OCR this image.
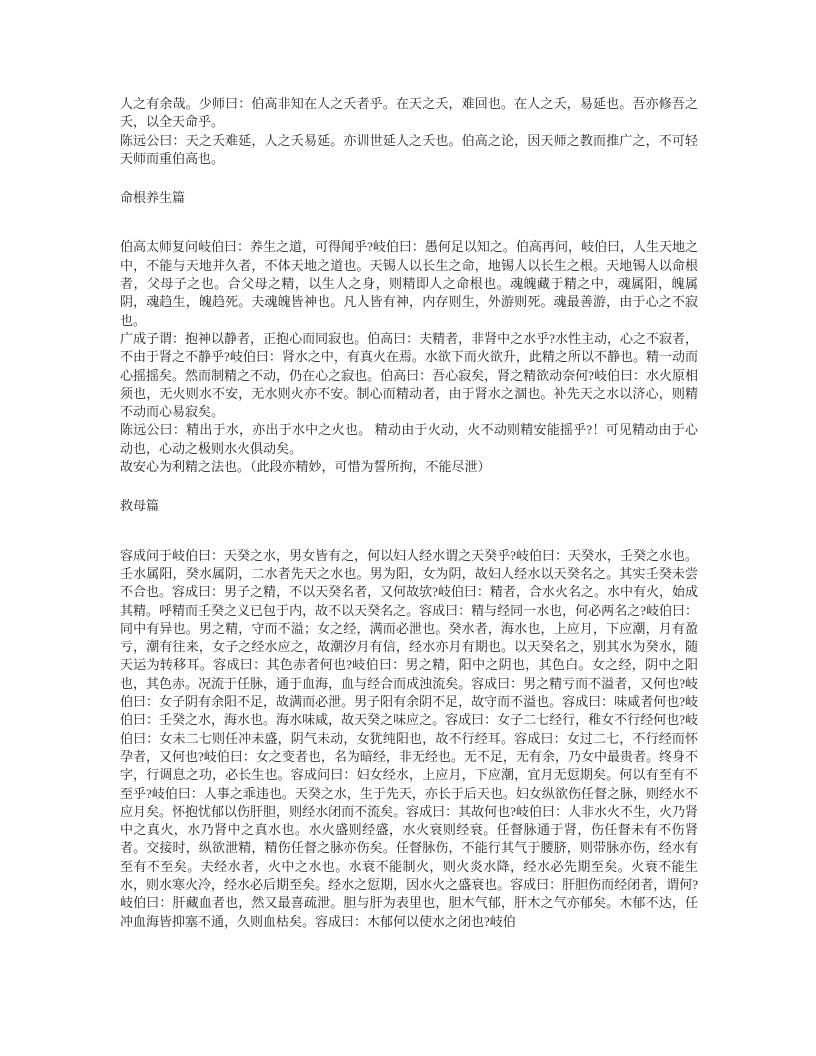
人之有余哉。少师曰：伯高非知在人之夭者乎。在天之夭，难回也。在人之夭，易延也。吾亦修吾之夭，以全天命乎。

陈远公曰：天之夭难延，人之夭易延。亦训世延人之夭也。伯高之论，因天师之教而推广之，不可轻天师而重伯高也。

命根养生篇

伯高太师复问岐伯曰：养生之道，可得闻乎?岐伯曰：愚何足以知之。伯高再问，岐伯曰，人生天地之中，不能与天地并久者，不体天地之道也。天锡人以长生之命，地锡人以长生之根。天地锡人以命根者，父母子之也。合父母之精，以生人之身，则精即人之命根也。魂魄藏于精之中，魂属阳，魄属阴，魂趋生，魄趋死。夫魂魄皆神也。凡人皆有神，内存则生，外游则死。魂最善游，由于心之不寂也。

广成子谓：抱神以静者，正抱心而同寂也。伯高曰：夫精者，非肾中之水乎?水性主动，心之不寂者，不由于肾之不静乎?岐伯曰：肾水之中，有真火在焉。水欲下而火欲升，此精之所以不静也。精一动而心摇摇矣。然而制精之不动，仍在心之寂也。伯高曰：吾心寂矣，肾之精欲动奈何?岐伯曰：水火原相须也，无火则水不安，无水则火亦不安。制心而精动者，由于肾水之涸也。补先天之水以济心，则精不动而心易寂矣。

陈远公曰：精出于水，亦出于水中之火也。 精动由于火动，火不动则精安能摇乎?！可见精动由于心动也，心动之极则水火俱动矣。

故安心为利精之法也。（此段亦精妙，可惜为誓所拘，不能尽泄）

救母篇

容成问于岐伯曰：天癸之水，男女皆有之，何以妇人经水谓之天癸乎?岐伯曰：天癸水，壬癸之水也。壬水属阳，癸水属阴，二水者先天之水也。男为阳，女为阴，故妇人经水以天癸名之。其实壬癸未尝不合也。容成曰：男子之精，不以天癸名者，又何故欤?岐伯曰：精者，合水火名之。水中有火，始成其精。呼精而壬癸之义已包于内，故不以天癸名之。容成曰：精与经同一水也，何必两名之?岐伯曰：同中有异也。男之精，守而不溢；女之经，满而必泄也。癸水者，海水也，上应月，下应潮，月有盈亏，潮有往来，女子之经水应之，故潮汐月有信，经水亦月有期也。以天癸名之，别其水为癸水，随天运为转移耳。容成曰：其色赤者何也?岐伯曰：男之精，阳中之阴也，其色白。女之经，阴中之阳也，其色赤。况流于任脉，通于血海，血与经合而成浊流矣。容成曰：男之精亏而不溢者，又何也?岐伯曰：女子阴有余阳不足，故满而必泄。男子阳有余阴不足，故守而不溢也。容成曰：味咸者何也?岐伯曰：壬癸之水，海水也。海水味咸，故天癸之味应之。容成曰：女子二七经行，稚女不行经何也?岐伯曰：女未二七则任冲未盛，阴气未动，女犹纯阳也，故不行经耳。容成曰：女过二七，不行经而怀孕者，又何也?岐伯曰：女之变者也，名为暗经，非无经也。无不足，无有余，乃女中最贵者。终身不字，行调息之功，必长生也。容成问曰：妇女经水，上应月，下应潮，宜月无愆期矣。何以有至有不至乎?岐伯曰：人事之乖违也。天癸之水，生于先天，亦长于后天也。妇女纵欲伤任督之脉，则经水不应月矣。怀抱忧郁以伤肝胆，则经水闭而不流矣。容成曰：其故何也?岐伯曰：人非水火不生，火乃肾中之真火，水乃肾中之真水也。水火盛则经盛，水火衰则经衰。任督脉通于肾，伤任督未有不伤肾者。交接时，纵欲泄精，精伤任督之脉亦伤矣。任督脉伤，不能行其气于腰脐，则带脉亦伤，经水有至有不至矣。夫经水者，火中之水也。水衰不能制火，则火炎水降，经水必先期至矣。火衰不能生水，则水寒火冷，经水必后期至矣。经水之愆期，因水火之盛衰也。容成曰：肝胆伤而经闭者，谓何?岐伯曰：肝藏血者也，然又最喜疏泄。胆与肝为表里也，胆木气郁，肝木之气亦郁矣。木郁不达，任冲血海皆抑塞不通，久则血枯矣。容成曰：木郁何以使水之闭也?岐伯
